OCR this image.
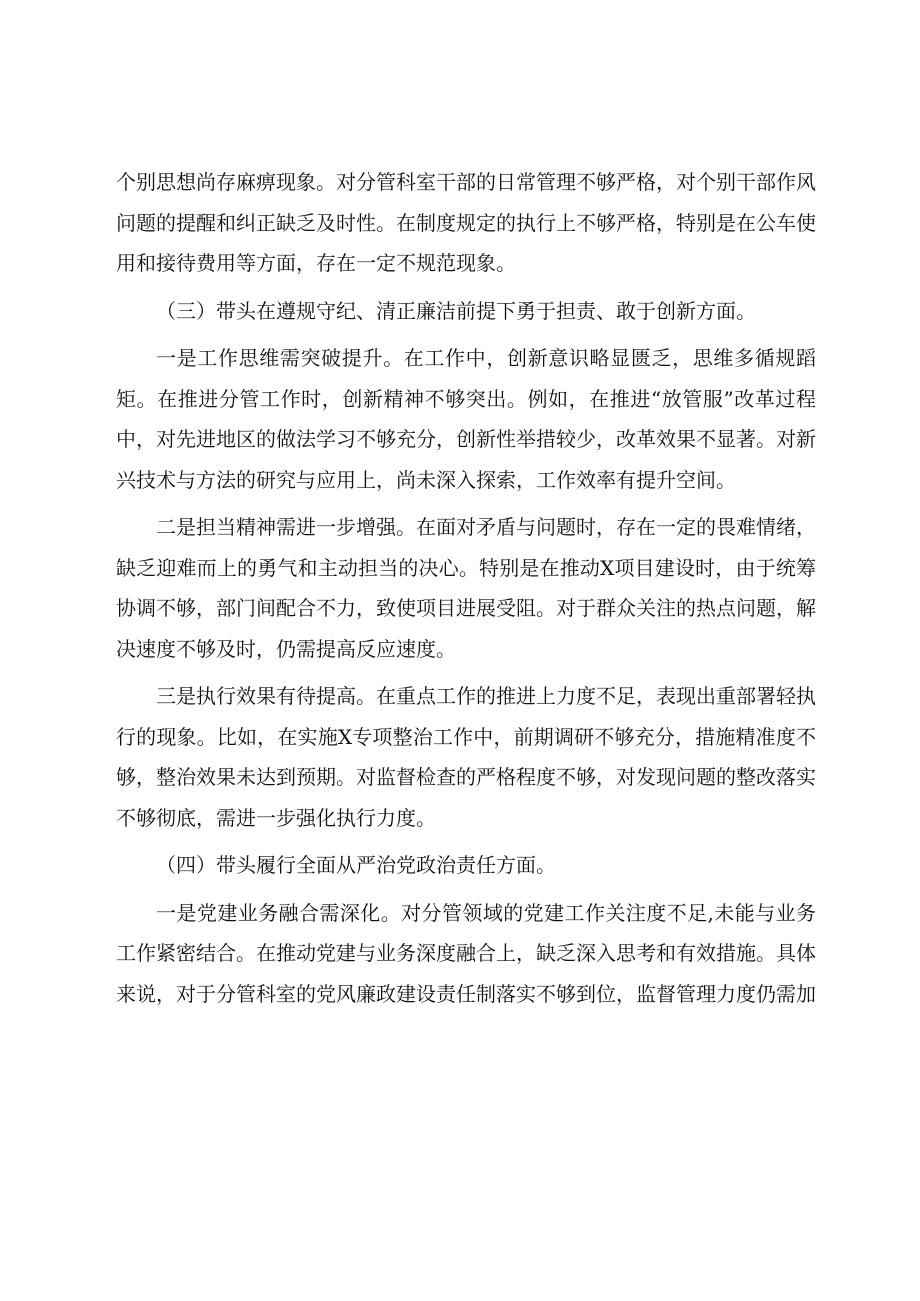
个别思想尚存麻痹现象。对分管科室干部的日常管理不够严格，对个别干部作风问题的提醒和纠正缺乏及时性。在制度规定的执行上不够严格，特别是在公车使用和接待费用等方面，存在一定不规范现象。

（三）带头在遵规守纪、清正廉洁前提下勇于担责、敢于创新方面。

一是工作思维需突破提升。在工作中，创新意识略显匮乏，思维多循规蹈矩。在推进分管工作时，创新精神不够突出。例如，在推进“放管服”改革过程中，对先进地区的做法学习不够充分，创新性举措较少，改革效果不显著。对新兴技术与方法的研究与应用上，尚未深入探索，工作效率有提升空间。

二是担当精神需进一步增强。在面对矛盾与问题时，存在一定的畏难情绪，缺乏迎难而上的勇气和主动担当的决心。特别是在推动X项目建设时，由于统筹协调不够，部门间配合不力，致使项目进展受阻。对于群众关注的热点问题，解决速度不够及时，仍需提高反应速度。

三是执行效果有待提高。在重点工作的推进上力度不足，表现出重部署轻执行的现象。比如，在实施X专项整治工作中，前期调研不够充分，措施精准度不够，整治效果未达到预期。对监督检查的严格程度不够，对发现问题的整改落实不够彻底，需进一步强化执行力度。

（四）带头履行全面从严治党政治责任方面。

一是党建业务融合需深化。对分管领域的党建工作关注度不足,未能与业务工作紧密结合。在推动党建与业务深度融合上，缺乏深入思考和有效措施。具体来说，对于分管科室的党风廉政建设责任制落实不够到位，监督管理力度仍需加
